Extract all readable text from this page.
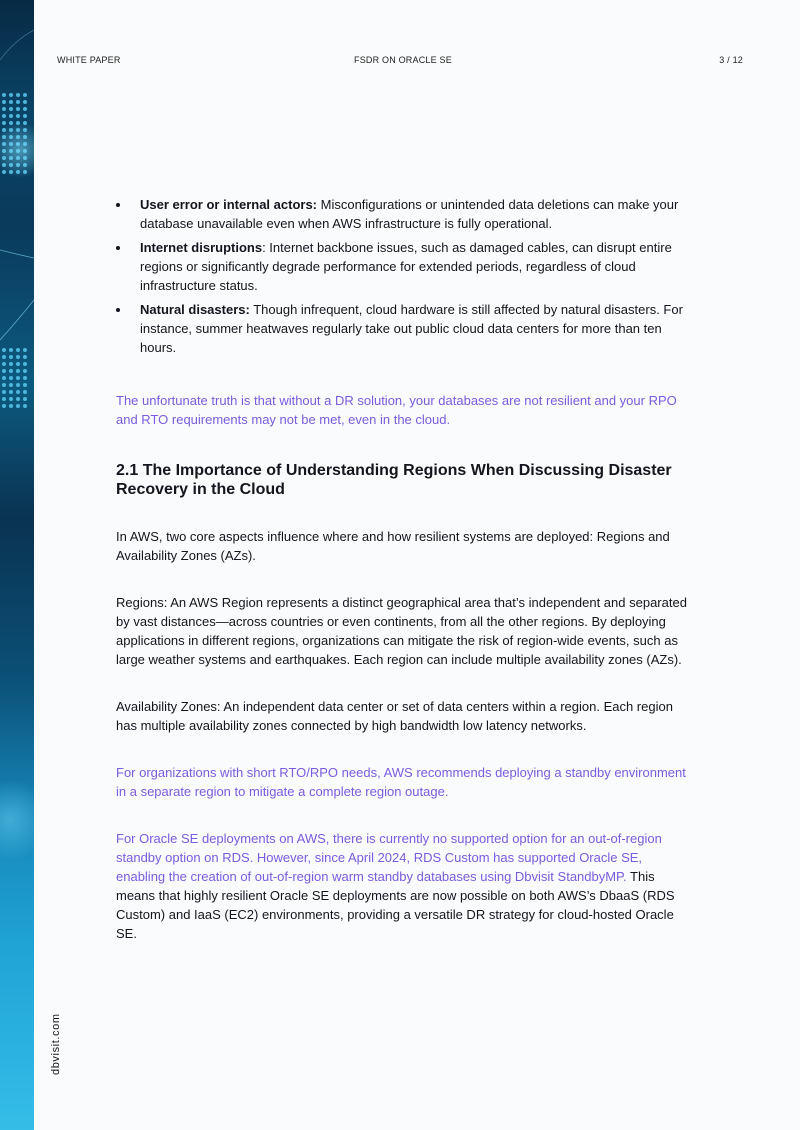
WHITE PAPER	FSDR ON ORACLE SE	3 / 12
User error or internal actors: Misconfigurations or unintended data deletions can make your database unavailable even when AWS infrastructure is fully operational.
Internet disruptions: Internet backbone issues, such as damaged cables, can disrupt entire regions or significantly degrade performance for extended periods, regardless of cloud infrastructure status.
Natural disasters: Though infrequent, cloud hardware is still affected by natural disasters. For instance, summer heatwaves regularly take out public cloud data centers for more than ten hours.

The unfortunate truth is that without a DR solution, your databases are not resilient and your RPO and RTO requirements may not be met, even in the cloud.

2.1 The Importance of Understanding Regions When Discussing Disaster Recovery in the Cloud

In AWS, two core aspects influence where and how resilient systems are deployed: Regions and Availability Zones (AZs).

Regions: An AWS Region represents a distinct geographical area that’s independent and separated by vast distances—across countries or even continents, from all the other regions. By deploying applications in different regions, organizations can mitigate the risk of region-wide events, such as large weather systems and earthquakes. Each region can include multiple availability zones (AZs).

Availability Zones: An independent data center or set of data centers within a region. Each region has multiple availability zones connected by high bandwidth low latency networks.

For organizations with short RTO/RPO needs, AWS recommends deploying a standby environment in a separate region to mitigate a complete region outage.

For Oracle SE deployments on AWS, there is currently no supported option for an out-of-region standby option on RDS. However, since April 2024, RDS Custom has supported Oracle SE, enabling the creation of out-of-region warm standby databases using Dbvisit StandbyMP. This means that highly resilient Oracle SE deployments are now possible on both AWS’s DbaaS (RDS Custom) and IaaS (EC2) environments, providing a versatile DR strategy for cloud-hosted Oracle SE.

dbvisit.com
